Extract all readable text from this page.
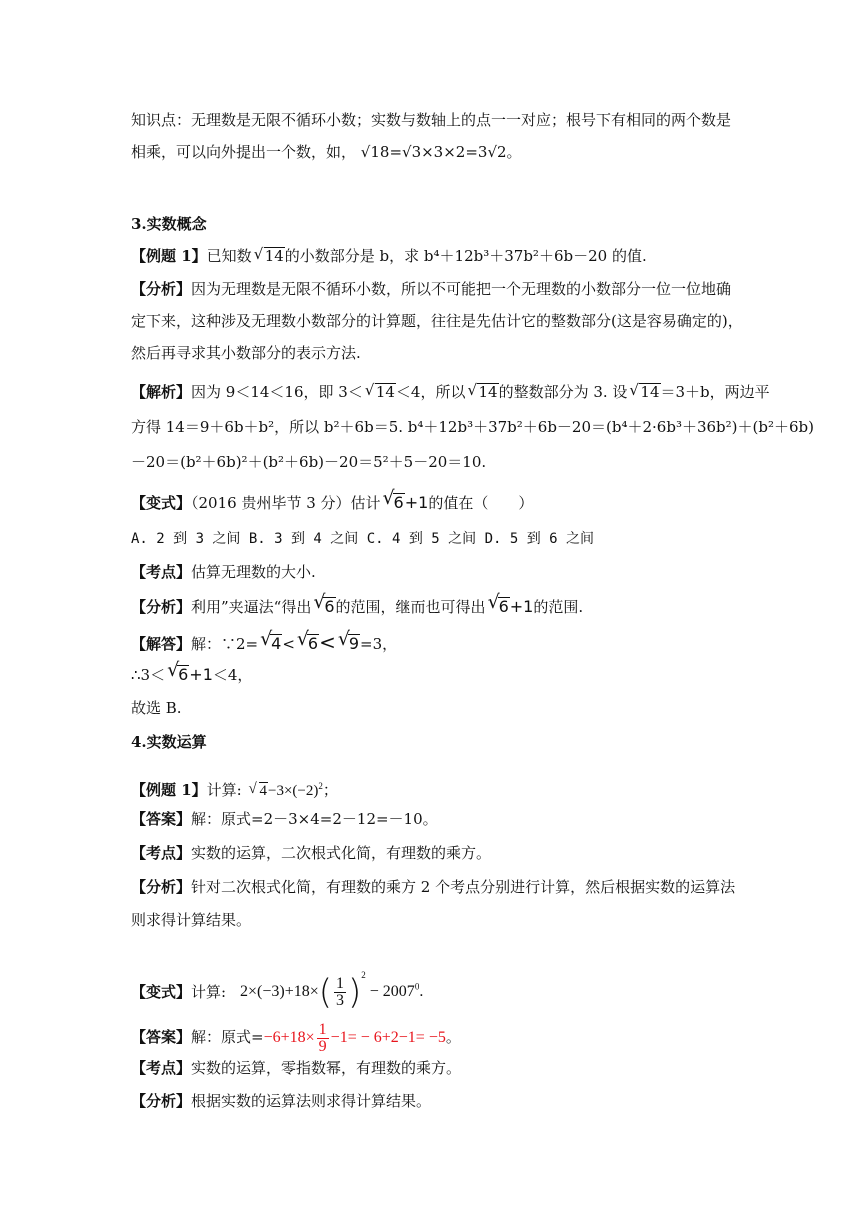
知识点：无理数是无限不循环小数；实数与数轴上的点一一对应；根号下有相同的两个数是
相乘，可以向外提出一个数，如， √18=√3×3×2=3√2。
3.实数概念
【例题 1】已知数 √ 14的小数部分是 b，求 b⁴＋12b³＋37b²＋6b－20 的值.
【分析】因为无理数是无限不循环小数，所以不可能把一个无理数的小数部分一位一位地确
定下来，这种涉及无理数小数部分的计算题，往往是先估计它的整数部分(这是容易确定的)，
然后再寻求其小数部分的表示方法.
【解析】因为 9＜14＜16，即 3＜ √ 14＜4，所以 √ 14的整数部分为 3. 设 √ 14＝3＋b，两边平
方得 14＝9＋6b＋b²，所以 b²＋6b＝5. b⁴＋12b³＋37b²＋6b－20＝(b⁴＋2·6b³＋36b²)＋(b²＋6b)
－20＝(b²＋6b)²＋(b²＋6b)－20＝5²＋5－20＝10.
【变式】（2016 贵州毕节 3 分）估计 √ 6+1的值在（　　）
A. 2 到 3 之间 B. 3 到 4 之间 C. 4 到 5 之间 D. 5 到 6 之间
【考点】估算无理数的大小.
【分析】利用”夹逼法“得出 √ 6的范围，继而也可得出 √ 6+1的范围.
【解答】解：∵2= √ 4< √ 6< √ 9=3，
∴3＜ √ 6+1＜4，
故选 B.
4.实数运算
【例题 1】计算: √ $4-3\times(-2)^2$；
【答案】解：原式=2－3×4=2－12=－10。
【考点】实数的运算，二次根式化简，有理数的乘方。
【分析】针对二次根式化简，有理数的乘方 2 个考点分别进行计算，然后根据实数的运算法
则求得计算结果。
【变式】计算: $2\times(-3)+18\times( \frac{1}{3} )^2 - 2007^0$.
【答案】解：原式$=-6+18\times \frac{1}{9} -1= - 6+2-1= -5$。
【考点】实数的运算，零指数幂，有理数的乘方。
【分析】根据实数的运算法则求得计算结果。
